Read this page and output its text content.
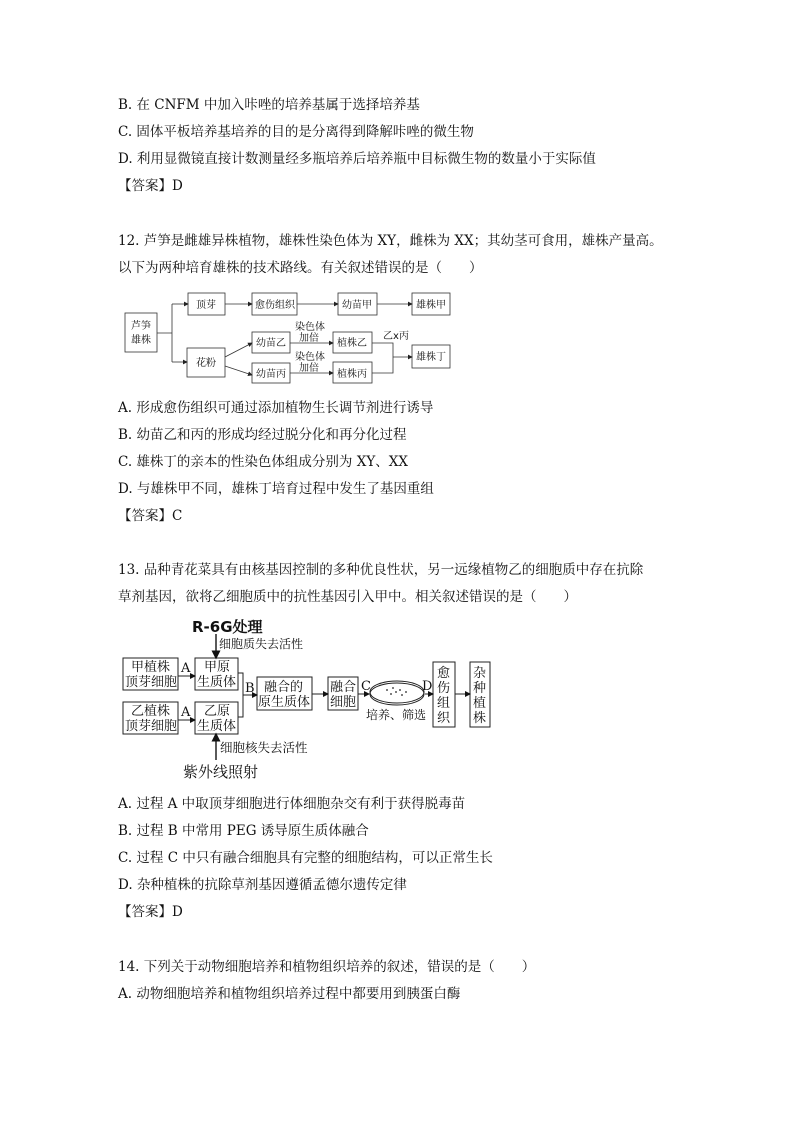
B. 在 CNFM 中加入咔唑的培养基属于选择培养基
C. 固体平板培养基培养的目的是分离得到降解咔唑的微生物
D. 利用显微镜直接计数测量经多瓶培养后培养瓶中目标微生物的数量小于实际值
【答案】D
12. 芦笋是雌雄异株植物，雄株性染色体为 XY，雌株为 XX；其幼茎可食用，雄株产量高。
以下为两种培育雄株的技术路线。有关叙述错误的是（　　）
芦笋
雄株
顶芽	愈伤组织	幼苗甲	雄株甲
花粉
幼苗乙
幼苗丙
植株乙
植株丙
雄株丁
染色体
加倍
染色体
加倍
乙x丙
A. 形成愈伤组织可通过添加植物生长调节剂进行诱导
B. 幼苗乙和丙的形成均经过脱分化和再分化过程
C. 雄株丁的亲本的性染色体组成分别为 XY、XX
D. 与雄株甲不同，雄株丁培育过程中发生了基因重组
【答案】C
13. 品种青花菜具有由核基因控制的多种优良性状，另一远缘植物乙的细胞质中存在抗除
草剂基因，欲将乙细胞质中的抗性基因引入甲中。相关叙述错误的是（　　）
R-6G处理
细胞质失去活性
甲植株
顶芽细胞
乙植株
顶芽细胞
甲原
生质体
乙原
生质体
A
A
B 融合的
原生质体
融合
细胞
C	D
培养、筛选
愈
伤
组
织
杂
种
植
株
细胞核失去活性
紫外线照射
A. 过程 A 中取顶芽细胞进行体细胞杂交有利于获得脱毒苗
B. 过程 B 中常用 PEG 诱导原生质体融合
C. 过程 C 中只有融合细胞具有完整的细胞结构，可以正常生长
D. 杂种植株的抗除草剂基因遵循孟德尔遗传定律
【答案】D
14. 下列关于动物细胞培养和植物组织培养的叙述，错误的是（　　）
A. 动物细胞培养和植物组织培养过程中都要用到胰蛋白酶
